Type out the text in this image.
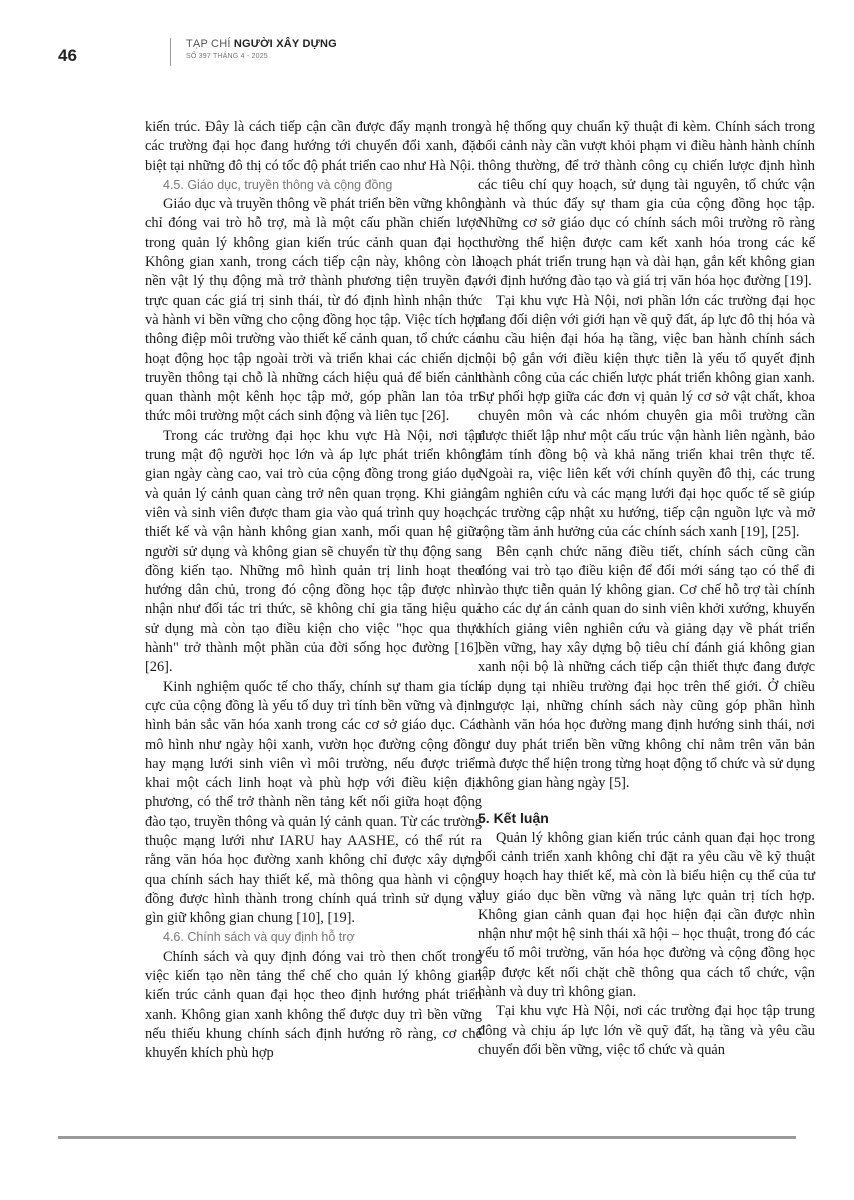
46
TẠP CHÍ NGƯỜI XÂY DỰNG
SỐ 397 THÁNG 4 - 2025

kiến trúc. Đây là cách tiếp cận cần được đẩy mạnh trong các trường đại học đang hướng tới chuyển đổi xanh, đặc biệt tại những đô thị có tốc độ phát triển cao như Hà Nội.

4.5. Giáo dục, truyền thông và cộng đồng

Giáo dục và truyền thông về phát triển bền vững không chỉ đóng vai trò hỗ trợ, mà là một cấu phần chiến lược trong quản lý không gian kiến trúc cảnh quan đại học. Không gian xanh, trong cách tiếp cận này, không còn là nền vật lý thụ động mà trở thành phương tiện truyền đạt trực quan các giá trị sinh thái, từ đó định hình nhận thức và hành vi bền vững cho cộng đồng học tập. Việc tích hợp thông điệp môi trường vào thiết kế cảnh quan, tổ chức các hoạt động học tập ngoài trời và triển khai các chiến dịch truyền thông tại chỗ là những cách hiệu quả để biến cảnh quan thành một kênh học tập mở, góp phần lan tỏa tri thức môi trường một cách sinh động và liên tục [26].

Trong các trường đại học khu vực Hà Nội, nơi tập trung mật độ người học lớn và áp lực phát triển không gian ngày càng cao, vai trò của cộng đồng trong giáo dục và quản lý cảnh quan càng trở nên quan trọng. Khi giảng viên và sinh viên được tham gia vào quá trình quy hoạch, thiết kế và vận hành không gian xanh, mối quan hệ giữa người sử dụng và không gian sẽ chuyển từ thụ động sang đồng kiến tạo. Những mô hình quản trị linh hoạt theo hướng dân chủ, trong đó cộng đồng học tập được nhìn nhận như đối tác tri thức, sẽ không chỉ gia tăng hiệu quả sử dụng mà còn tạo điều kiện cho việc "học qua thực hành" trở thành một phần của đời sống học đường [16], [26].

Kinh nghiệm quốc tế cho thấy, chính sự tham gia tích cực của cộng đồng là yếu tố duy trì tính bền vững và định hình bản sắc văn hóa xanh trong các cơ sở giáo dục. Các mô hình như ngày hội xanh, vườn học đường cộng đồng hay mạng lưới sinh viên vì môi trường, nếu được triển khai một cách linh hoạt và phù hợp với điều kiện địa phương, có thể trở thành nền tảng kết nối giữa hoạt động đào tạo, truyền thông và quản lý cảnh quan. Từ các trường thuộc mạng lưới như IARU hay AASHE, có thể rút ra rằng văn hóa học đường xanh không chỉ được xây dựng qua chính sách hay thiết kế, mà thông qua hành vi cộng đồng được hình thành trong chính quá trình sử dụng và gìn giữ không gian chung [10], [19].

4.6. Chính sách và quy định hỗ trợ

Chính sách và quy định đóng vai trò then chốt trong việc kiến tạo nền tảng thể chế cho quản lý không gian kiến trúc cảnh quan đại học theo định hướng phát triển xanh. Không gian xanh không thể được duy trì bền vững nếu thiếu khung chính sách định hướng rõ ràng, cơ chế khuyến khích phù hợp

và hệ thống quy chuẩn kỹ thuật đi kèm. Chính sách trong bối cảnh này cần vượt khỏi phạm vi điều hành hành chính thông thường, để trở thành công cụ chiến lược định hình các tiêu chí quy hoạch, sử dụng tài nguyên, tổ chức vận hành và thúc đẩy sự tham gia của cộng đồng học tập. Những cơ sở giáo dục có chính sách môi trường rõ ràng thường thể hiện được cam kết xanh hóa trong các kế hoạch phát triển trung hạn và dài hạn, gắn kết không gian với định hướng đào tạo và giá trị văn hóa học đường [19].

Tại khu vực Hà Nội, nơi phần lớn các trường đại học đang đối diện với giới hạn về quỹ đất, áp lực đô thị hóa và nhu cầu hiện đại hóa hạ tầng, việc ban hành chính sách nội bộ gắn với điều kiện thực tiễn là yếu tố quyết định thành công của các chiến lược phát triển không gian xanh. Sự phối hợp giữa các đơn vị quản lý cơ sở vật chất, khoa chuyên môn và các nhóm chuyên gia môi trường cần được thiết lập như một cấu trúc vận hành liên ngành, bảo đảm tính đồng bộ và khả năng triển khai trên thực tế. Ngoài ra, việc liên kết với chính quyền đô thị, các trung tâm nghiên cứu và các mạng lưới đại học quốc tế sẽ giúp các trường cập nhật xu hướng, tiếp cận nguồn lực và mở rộng tầm ảnh hưởng của các chính sách xanh [19], [25].

Bên cạnh chức năng điều tiết, chính sách cũng cần đóng vai trò tạo điều kiện để đổi mới sáng tạo có thể đi vào thực tiễn quản lý không gian. Cơ chế hỗ trợ tài chính cho các dự án cảnh quan do sinh viên khởi xướng, khuyến khích giảng viên nghiên cứu và giảng dạy về phát triển bền vững, hay xây dựng bộ tiêu chí đánh giá không gian xanh nội bộ là những cách tiếp cận thiết thực đang được áp dụng tại nhiều trường đại học trên thế giới. Ở chiều ngược lại, những chính sách này cũng góp phần hình thành văn hóa học đường mang định hướng sinh thái, nơi tư duy phát triển bền vững không chỉ nằm trên văn bản mà được thể hiện trong từng hoạt động tổ chức và sử dụng không gian hàng ngày [5].

5. Kết luận

Quản lý không gian kiến trúc cảnh quan đại học trong bối cảnh triển xanh không chỉ đặt ra yêu cầu về kỹ thuật quy hoạch hay thiết kế, mà còn là biểu hiện cụ thể của tư duy giáo dục bền vững và năng lực quản trị tích hợp. Không gian cảnh quan đại học hiện đại cần được nhìn nhận như một hệ sinh thái xã hội – học thuật, trong đó các yếu tố môi trường, văn hóa học đường và cộng đồng học tập được kết nối chặt chẽ thông qua cách tổ chức, vận hành và duy trì không gian.

Tại khu vực Hà Nội, nơi các trường đại học tập trung đông và chịu áp lực lớn về quỹ đất, hạ tầng và yêu cầu chuyển đổi bền vững, việc tổ chức và quản
